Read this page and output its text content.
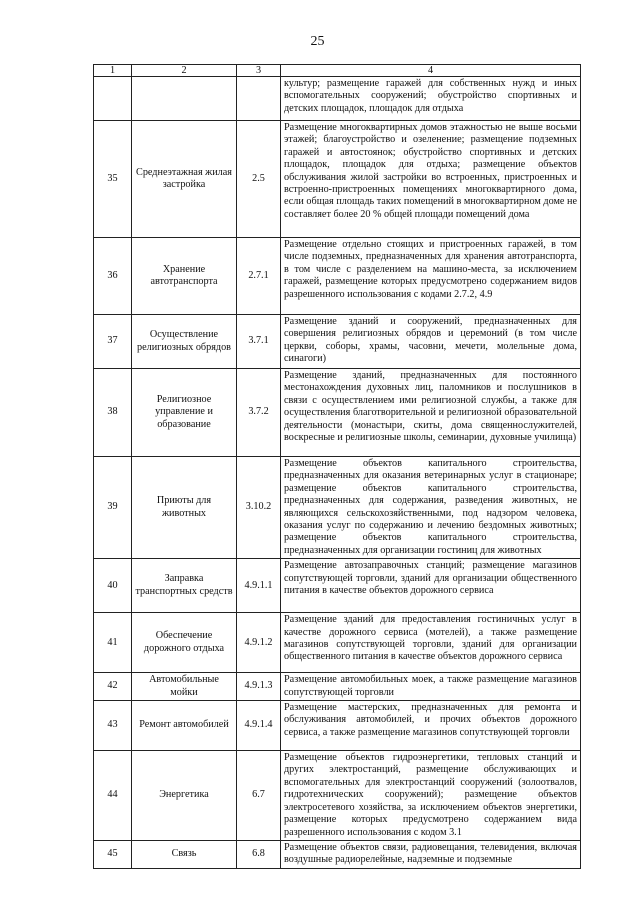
25
1	2	3	4
			культур; размещение гаражей для собственных нужд и иных вспомогательных сооружений; обустройство спортивных и детских площадок, площадок для отдыха
35	Среднеэтажная жилая застройка	2.5	Размещение многоквартирных домов этажностью не выше восьми этажей; благоустройство и озеленение; размещение подземных гаражей и автостоянок; обустройство спортивных и детских площадок, площадок для отдыха; размещение объектов обслуживания жилой застройки во встроенных, пристроенных и встроенно-пристроенных помещениях многоквартирного дома, если общая площадь таких помещений в многоквартирном доме не составляет более 20 % общей площади помещений дома
36	Хранение автотранспорта	2.7.1	Размещение отдельно стоящих и пристроенных гаражей, в том числе подземных, предназначенных для хранения автотранспорта, в том числе с разделением на машино-места, за исключением гаражей, размещение которых предусмотрено содержанием видов разрешенного использования с кодами 2.7.2, 4.9
37	Осуществление религиозных обрядов	3.7.1	Размещение зданий и сооружений, предназначенных для совершения религиозных обрядов и церемоний (в том числе церкви, соборы, храмы, часовни, мечети, молельные дома, синагоги)
38	Религиозное управление и образование	3.7.2	Размещение зданий, предназначенных для постоянного местонахождения духовных лиц, паломников и послушников в связи с осуществлением ими религиозной службы, а также для осуществления благотворительной и религиозной образовательной деятельности (монастыри, скиты, дома священнослужителей, воскресные и религиозные школы, семинарии, духовные училища)
39	Приюты для животных	3.10.2	Размещение объектов капитального строительства, предназначенных для оказания ветеринарных услуг в стационаре; размещение объектов капитального строительства, предназначенных для содержания, разведения животных, не являющихся сельскохозяйственными, под надзором человека, оказания услуг по содержанию и лечению бездомных животных; размещение объектов капитального строительства, предназначенных для организации гостиниц для животных
40	Заправка транспортных средств	4.9.1.1	Размещение автозаправочных станций; размещение магазинов сопутствующей торговли, зданий для организации общественного питания в качестве объектов дорожного сервиса
41	Обеспечение дорожного отдыха	4.9.1.2	Размещение зданий для предоставления гостиничных услуг в качестве дорожного сервиса (мотелей), а также размещение магазинов сопутствующей торговли, зданий для организации общественного питания в качестве объектов дорожного сервиса
42	Автомобильные мойки	4.9.1.3	Размещение автомобильных моек, а также размещение магазинов сопутствующей торговли
43	Ремонт автомобилей	4.9.1.4	Размещение мастерских, предназначенных для ремонта и обслуживания автомобилей, и прочих объектов дорожного сервиса, а также размещение магазинов сопутствующей торговли
44	Энергетика	6.7	Размещение объектов гидроэнергетики, тепловых станций и других электростанций, размещение обслуживающих и вспомогательных для электростанций сооружений (золоотвалов, гидротехнических сооружений); размещение объектов электросетевого хозяйства, за исключением объектов энергетики, размещение которых предусмотрено содержанием вида разрешенного использования с кодом 3.1
45	Связь	6.8	Размещение объектов связи, радиовещания, телевидения, включая воздушные радиорелейные, надземные и подземные
